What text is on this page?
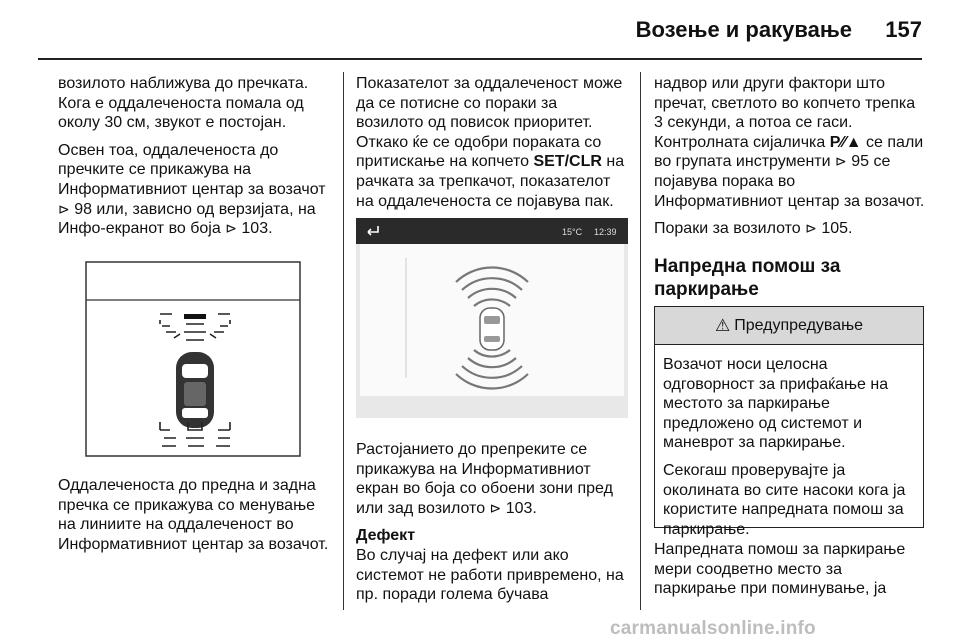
Возење и ракување 157

возилото наближува до пречката. Кога е оддалеченоста помала од околу 30 см, звукот е постојан.

Освен тоа, оддалеченоста до пречките се прикажува на Информативниот центар за возачот ⊳ 98 или, зависно од верзијата, на Инфо-екранот во боја ⊳ 103.

Оддалеченоста до предна и задна пречка се прикажува со менување на линиите на оддалеченост во Информативниот центар за возачот.

Показателот за оддалеченост може да се потисне со пораки за возилото од повисок приоритет. Откако ќе се одобри пораката со притискање на копчето SET/CLR на рачката за трепкачот, показателот на оддалеченоста се појавува пак.

15°C 12:39

Растојанието до препреките се прикажува на Информативниот екран во боја со обоени зони пред или зад возилото ⊳ 103.

Дефект

Во случај на дефект или ако системот не работи привремено, на пр. поради голема бучава

надвор или други фактори што пречат, светлото во копчето трепка 3 секунди, а потоа се гаси. Контролната сијаличка P⁄⁄▲ се пали во групата инструменти ⊳ 95 се појавува порака во Информативниот центар за возачот.

Пораки за возилото ⊳ 105.

Напредна помош за паркирање
⚠ Предупредување

Возачот носи целосна одговорност за прифаќање на местото за паркирање предложено од системот и маневрот за паркирање.

Секогаш проверувајте ја околината во сите насоки кога ја користите напредната помош за паркирање.

Напредната помош за паркирање мери соодветно место за паркирање при поминување, ја

carmanualsonline.info
